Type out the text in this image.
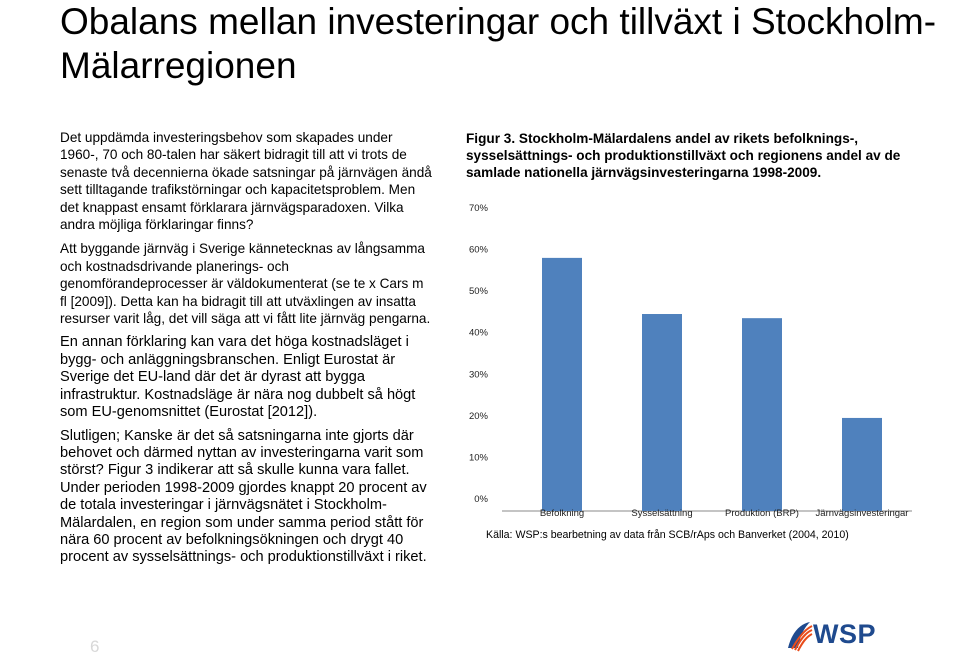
Obalans mellan investeringar och tillväxt i Stockholm-Mälarregionen

Det uppdämda investeringsbehov som skapades under 1960-, 70 och 80-talen har säkert bidragit till att vi trots de senaste två decennierna ökade satsningar på järnvägen ändå sett tilltagande trafikstörningar och kapacitetsproblem. Men det knappast ensamt förklarara järnvägsparadoxen. Vilka andra möjliga förklaringar finns?

Att byggande järnväg i Sverige kännetecknas av långsamma och kostnadsdrivande planerings- och genomförandeprocesser är väldokumenterat (se te x Cars m fl [2009]). Detta kan ha bidragit till att utväxlingen av insatta resurser varit låg, det vill säga att vi fått lite järnväg pengarna.

En annan förklaring kan vara det höga kostnadsläget i bygg- och anläggningsbranschen. Enligt Eurostat är Sverige det EU-land där det är dyrast att bygga infrastruktur. Kostnadsläge är nära nog dubbelt så högt som EU-genomsnittet (Eurostat [2012]).

Slutligen; Kanske är det så satsningarna inte gjorts där behovet och därmed nyttan av investeringarna varit som störst? Figur 3 indikerar att så skulle kunna vara fallet. Under perioden 1998-2009 gjordes knappt 20 procent av de totala investeringar i järnvägsnätet i Stockholm-Mälardalen, en region som under samma period stått för nära 60 procent av befolkningsökningen och drygt 40 procent av sysselsättnings- och produktionstillväxt i riket.

Figur 3. Stockholm-Mälardalens andel av rikets befolknings-, sysselsättnings- och produktionstillväxt och regionens andel av de samlade nationella järnvägsinvesteringarna 1998-2009.
0%
10%
20%
30%
40%
50%
60%
70%
Befolkning	Sysselsättning	Produktion (BRP) Järnvägsinvesteringar
Källa: WSP:s bearbetning av data från SCB/rAps och Banverket (2004, 2010)
6	WSP
